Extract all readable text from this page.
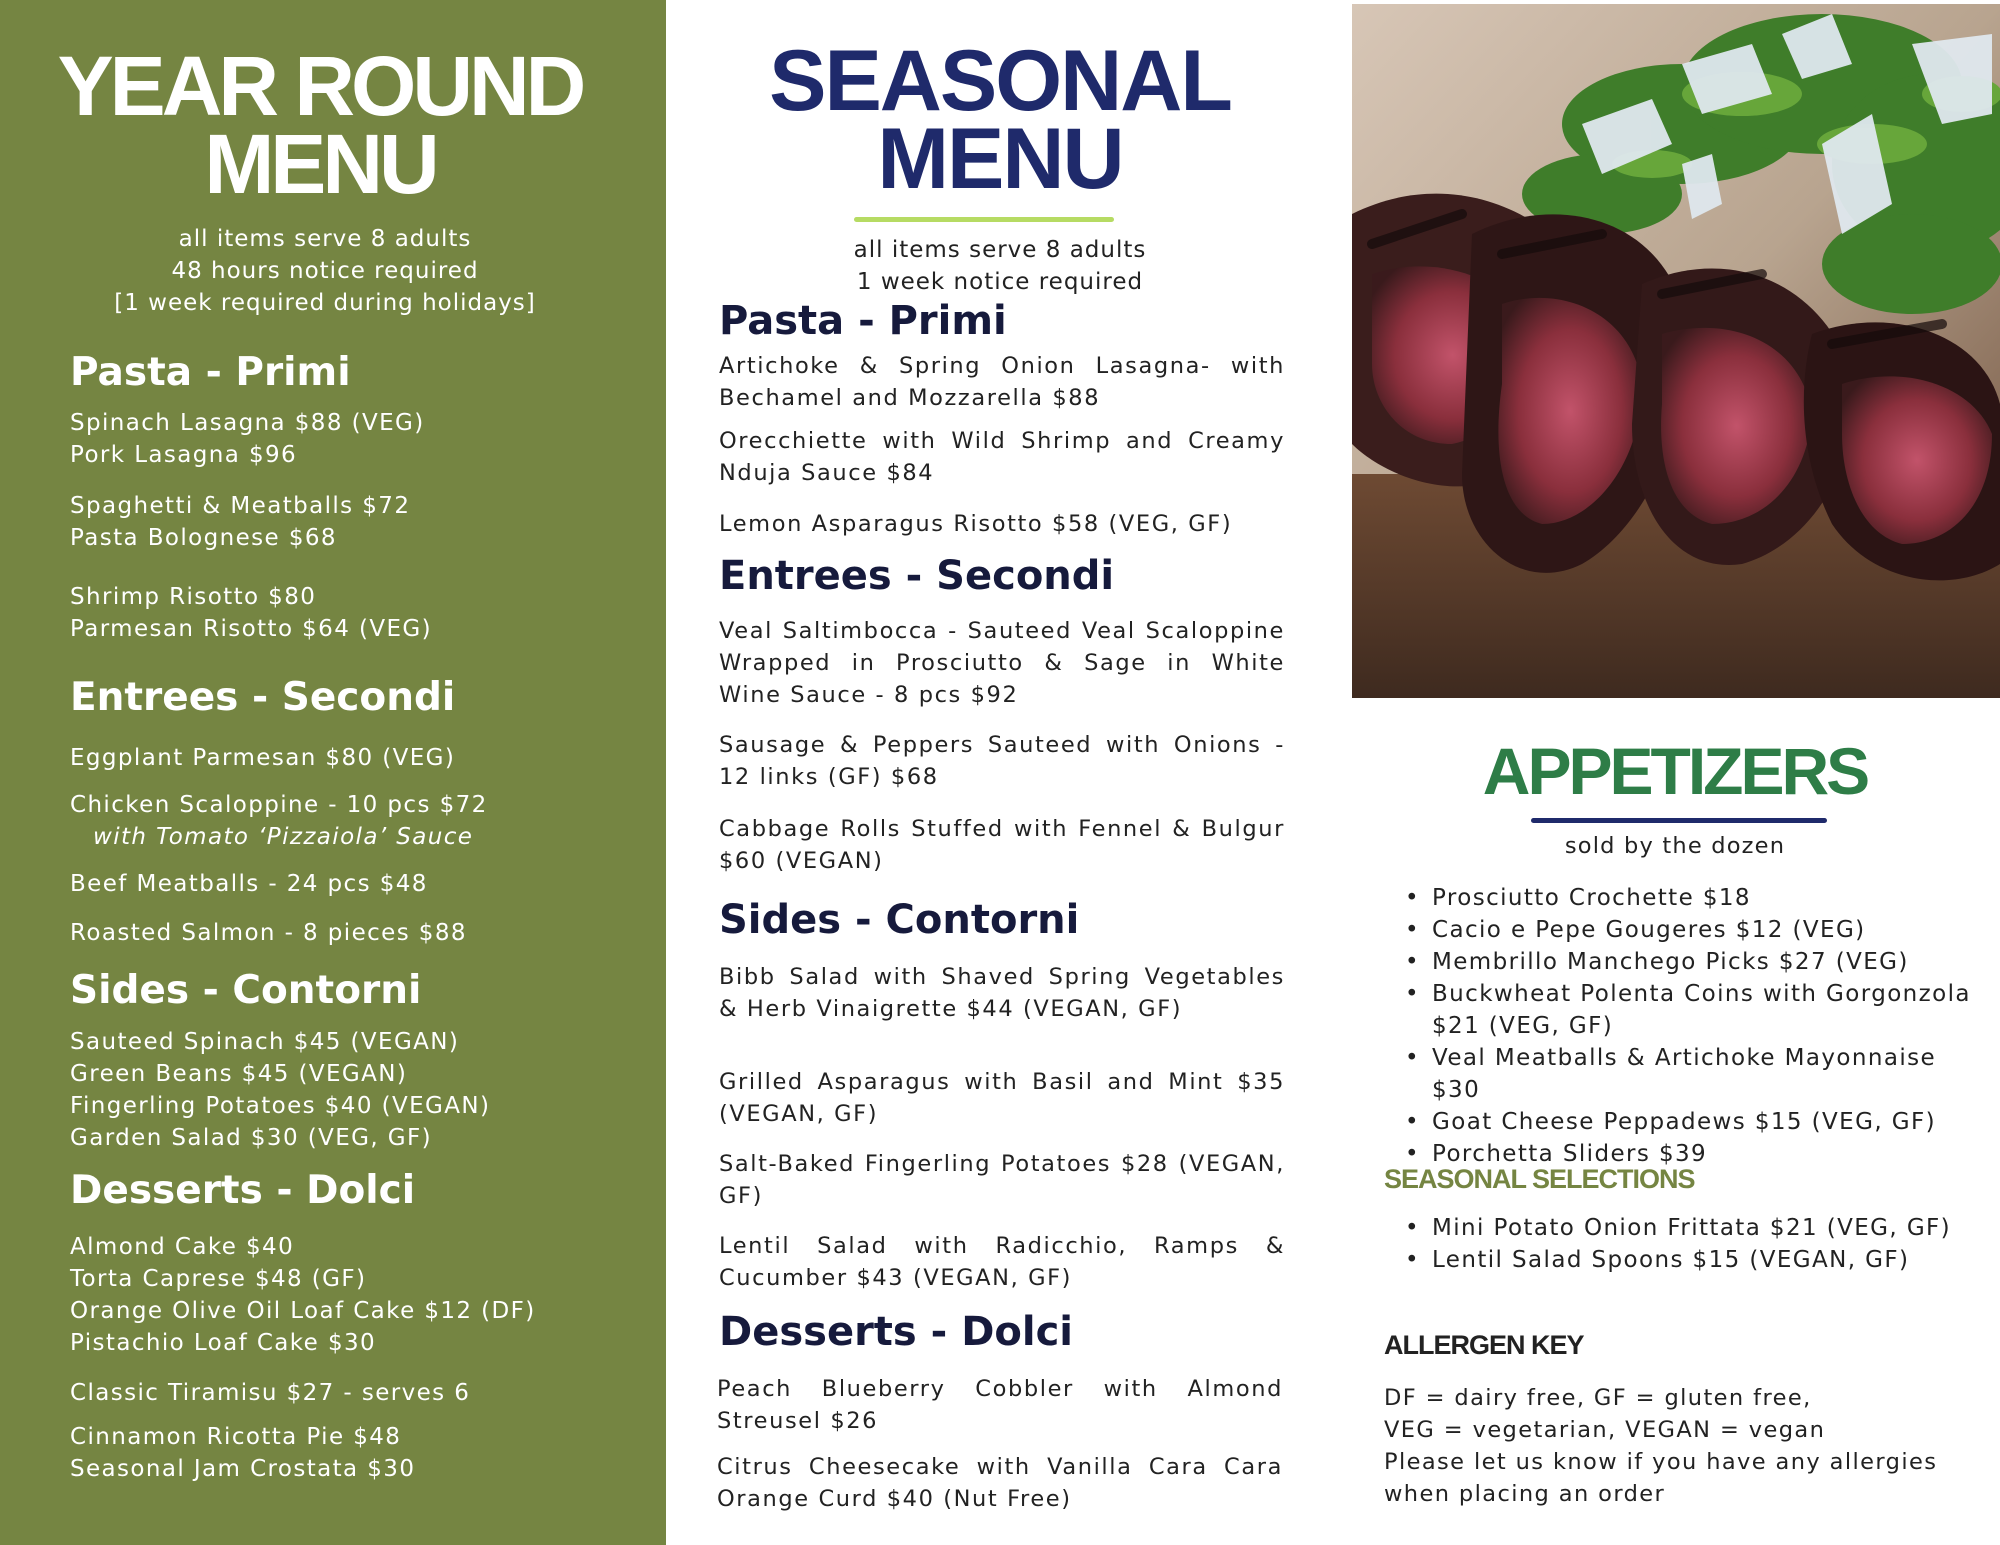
YEAR ROUND
MENU

all items serve 8 adults

48 hours notice required

[1 week required during holidays]

Pasta - Primi

Spinach Lasagna $88 (VEG)

Pork Lasagna $96

Spaghetti & Meatballs $72

Pasta Bolognese $68

Shrimp Risotto $80

Parmesan Risotto $64 (VEG)

Entrees - Secondi

Eggplant Parmesan $80 (VEG)

Chicken Scaloppine - 10 pcs $72

with Tomato ‘Pizzaiola’ Sauce

Beef Meatballs - 24 pcs $48

Roasted Salmon - 8 pieces $88

Sides - Contorni

Sauteed Spinach $45 (VEGAN)

Green Beans $45 (VEGAN)

Fingerling Potatoes $40 (VEGAN)

Garden Salad $30 (VEG, GF)

Desserts - Dolci

Almond Cake $40

Torta Caprese $48 (GF)

Orange Olive Oil Loaf Cake $12 (DF)

Pistachio Loaf Cake $30

Classic Tiramisu $27 - serves 6

Cinnamon Ricotta Pie $48

Seasonal Jam Crostata $30

SEASONAL
MENU

all items serve 8 adults

1 week notice required

Pasta - Primi

Artichoke & Spring Onion Lasagna- with Bechamel and Mozzarella $88

Orecchiette with Wild Shrimp and Creamy Nduja Sauce $84

Lemon Asparagus Risotto $58 (VEG, GF)

Entrees - Secondi

Veal Saltimbocca - Sauteed Veal Scaloppine Wrapped in Prosciutto & Sage in White Wine Sauce - 8 pcs $92

Sausage & Peppers Sauteed with Onions - 12 links (GF) $68

Cabbage Rolls Stuffed with Fennel & Bulgur $60 (VEGAN)

Sides - Contorni

Bibb Salad with Shaved Spring Vegetables & Herb Vinaigrette $44 (VEGAN, GF)

Grilled Asparagus with Basil and Mint $35 (VEGAN, GF)

Salt-Baked Fingerling Potatoes $28 (VEGAN, GF)

Lentil Salad with Radicchio, Ramps & Cucumber $43 (VEGAN, GF)

Desserts - Dolci

Peach Blueberry Cobbler with Almond Streusel $26

Citrus Cheesecake with Vanilla Cara Cara Orange Curd $40 (Nut Free)

APPETIZERS

sold by the dozen

• Prosciutto Crochette $18
• Cacio e Pepe Gougeres $12 (VEG)
• Membrillo Manchego Picks $27 (VEG)
• Buckwheat Polenta Coins with Gorgonzola $21 (VEG, GF)
• Veal Meatballs & Artichoke Mayonnaise $30
• Goat Cheese Peppadews $15 (VEG, GF)
• Porchetta Sliders $39
SEASONAL SELECTIONS
• Mini Potato Onion Frittata $21 (VEG, GF)
• Lentil Salad Spoons $15 (VEGAN, GF)
ALLERGEN KEY

DF = dairy free, GF = gluten free,

VEG = vegetarian, VEGAN = vegan

Please let us know if you have any allergies

when placing an order
